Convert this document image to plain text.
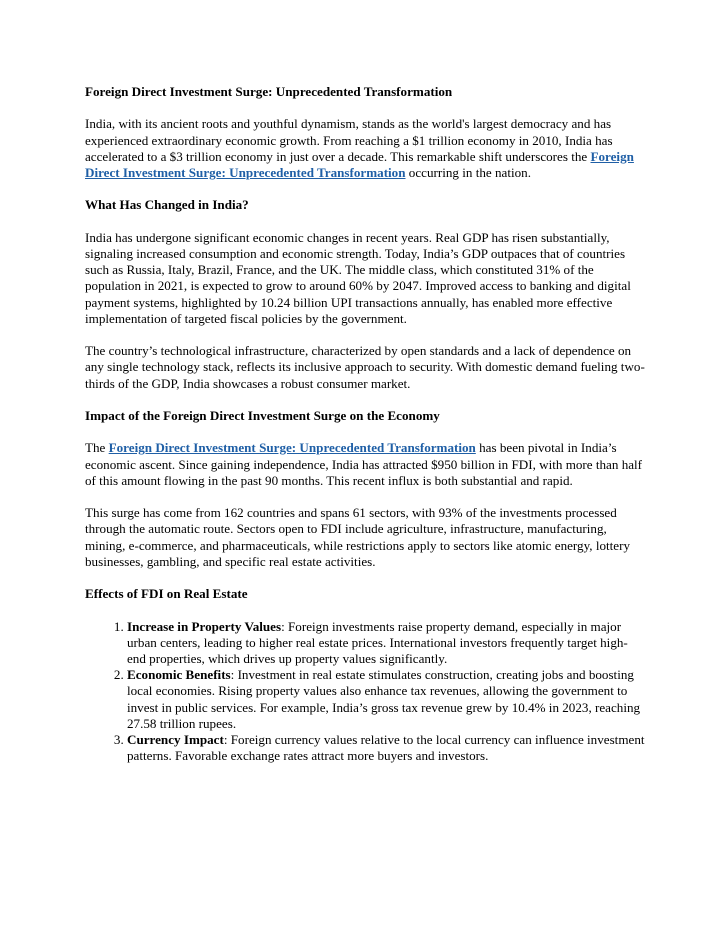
Foreign Direct Investment Surge: Unprecedented Transformation

India, with its ancient roots and youthful dynamism, stands as the world's largest democracy and has experienced extraordinary economic growth. From reaching a $1 trillion economy in 2010, India has accelerated to a $3 trillion economy in just over a decade. This remarkable shift underscores the Foreign Direct Investment Surge: Unprecedented Transformation occurring in the nation.

What Has Changed in India?

India has undergone significant economic changes in recent years. Real GDP has risen substantially, signaling increased consumption and economic strength. Today, India’s GDP outpaces that of countries such as Russia, Italy, Brazil, France, and the UK. The middle class, which constituted 31% of the population in 2021, is expected to grow to around 60% by 2047. Improved access to banking and digital payment systems, highlighted by 10.24 billion UPI transactions annually, has enabled more effective implementation of targeted fiscal policies by the government.

The country’s technological infrastructure, characterized by open standards and a lack of dependence on any single technology stack, reflects its inclusive approach to security. With domestic demand fueling two-thirds of the GDP, India showcases a robust consumer market.

Impact of the Foreign Direct Investment Surge on the Economy

The Foreign Direct Investment Surge: Unprecedented Transformation has been pivotal in India’s economic ascent. Since gaining independence, India has attracted $950 billion in FDI, with more than half of this amount flowing in the past 90 months. This recent influx is both substantial and rapid.

This surge has come from 162 countries and spans 61 sectors, with 93% of the investments processed through the automatic route. Sectors open to FDI include agriculture, infrastructure, manufacturing, mining, e-commerce, and pharmaceuticals, while restrictions apply to sectors like atomic energy, lottery businesses, gambling, and specific real estate activities.

Effects of FDI on Real Estate
1. Increase in Property Values: Foreign investments raise property demand, especially in major urban centers, leading to higher real estate prices. International investors frequently target high-end properties, which drives up property values significantly.
2. Economic Benefits: Investment in real estate stimulates construction, creating jobs and boosting local economies. Rising property values also enhance tax revenues, allowing the government to invest in public services. For example, India’s gross tax revenue grew by 10.4% in 2023, reaching 27.58 trillion rupees.
3. Currency Impact: Foreign currency values relative to the local currency can influence investment patterns. Favorable exchange rates attract more buyers and investors.
